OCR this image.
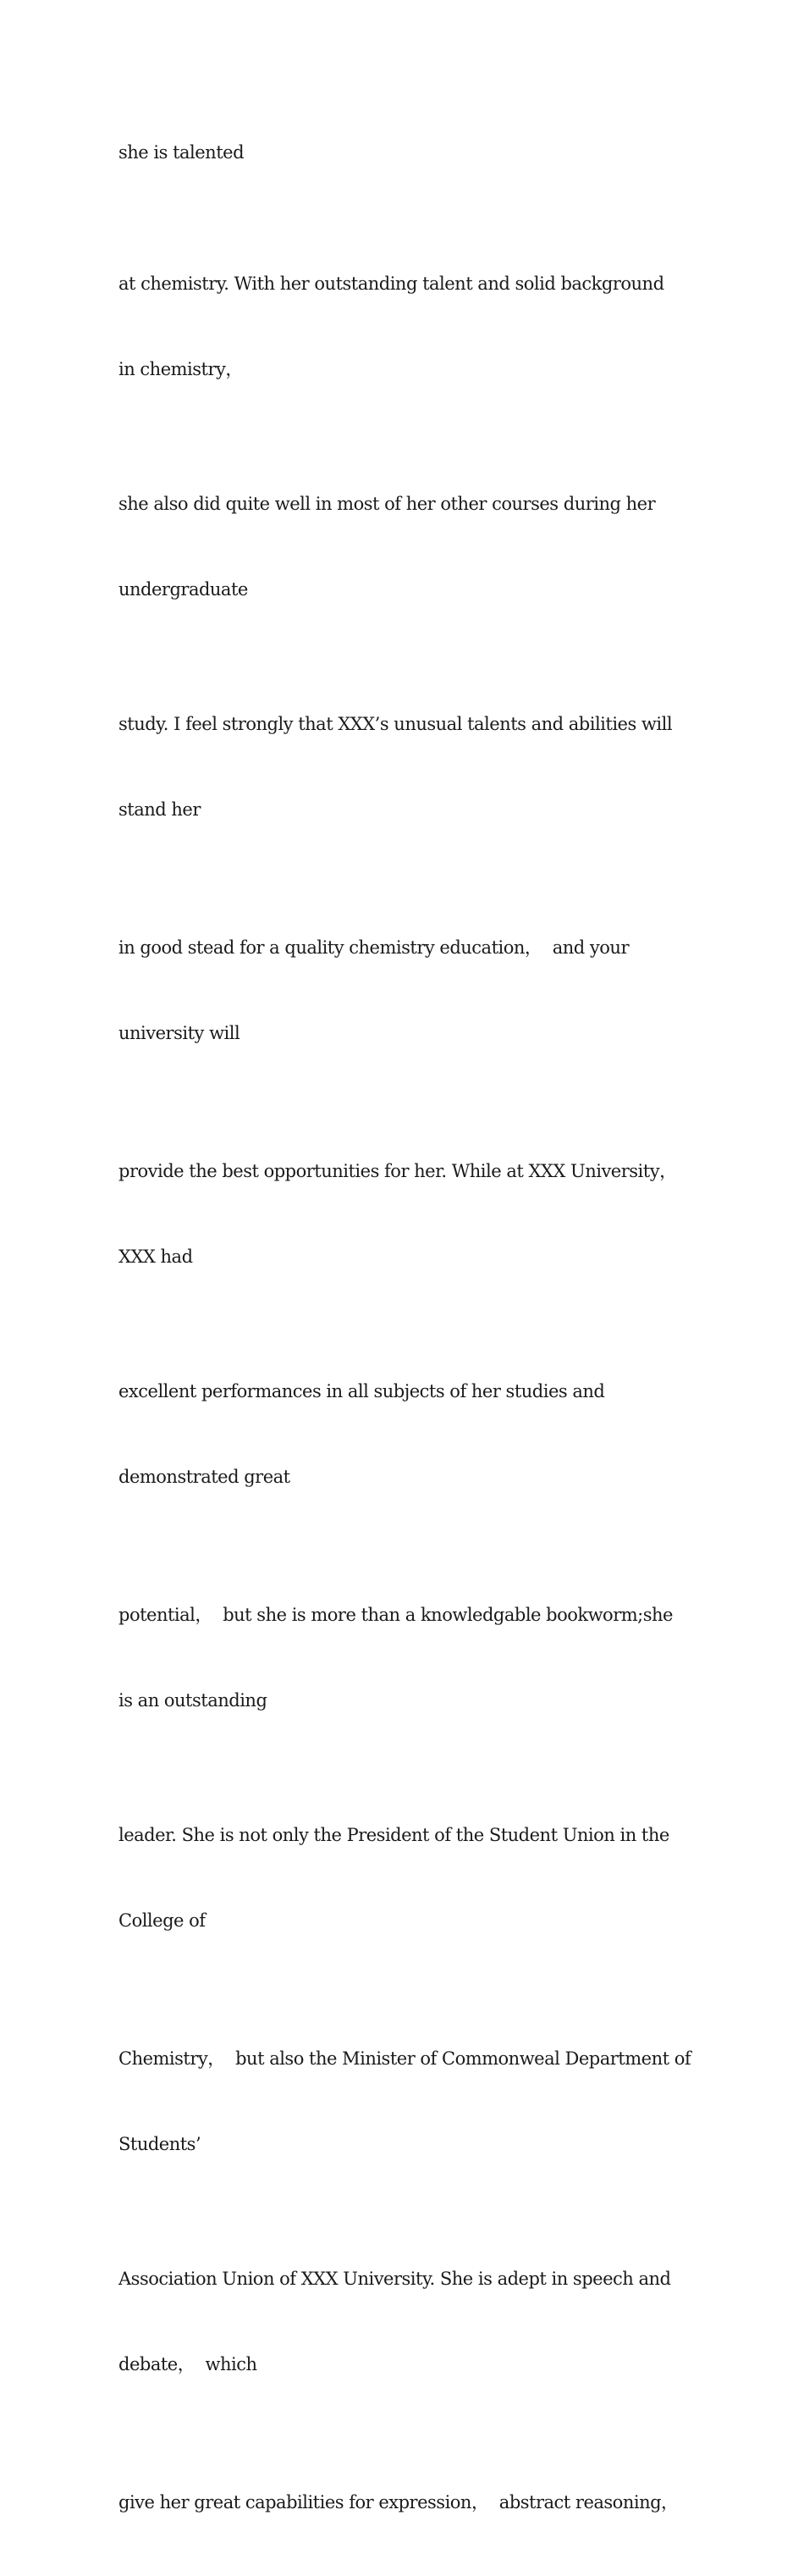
she is talented

at chemistry. With her outstanding talent and solid background

in chemistry，

she also did quite well in most of her other courses during her

undergraduate

study. I feel strongly that XXX’s unusual talents and abilities will

stand her

in good stead for a quality chemistry education，  and your

university will

provide the best opportunities for her. While at XXX University，

XXX had

excellent performances in all subjects of her studies and

demonstrated great

potential，  but she is more than a knowledgable bookworm;she

is an outstanding

leader. She is not only the President of the Student Union in the

College of

Chemistry，  but also the Minister of Commonweal Department of

Students’

Association Union of XXX University. She is adept in speech and

debate，  which

give her great capabilities for expression，  abstract reasoning，
